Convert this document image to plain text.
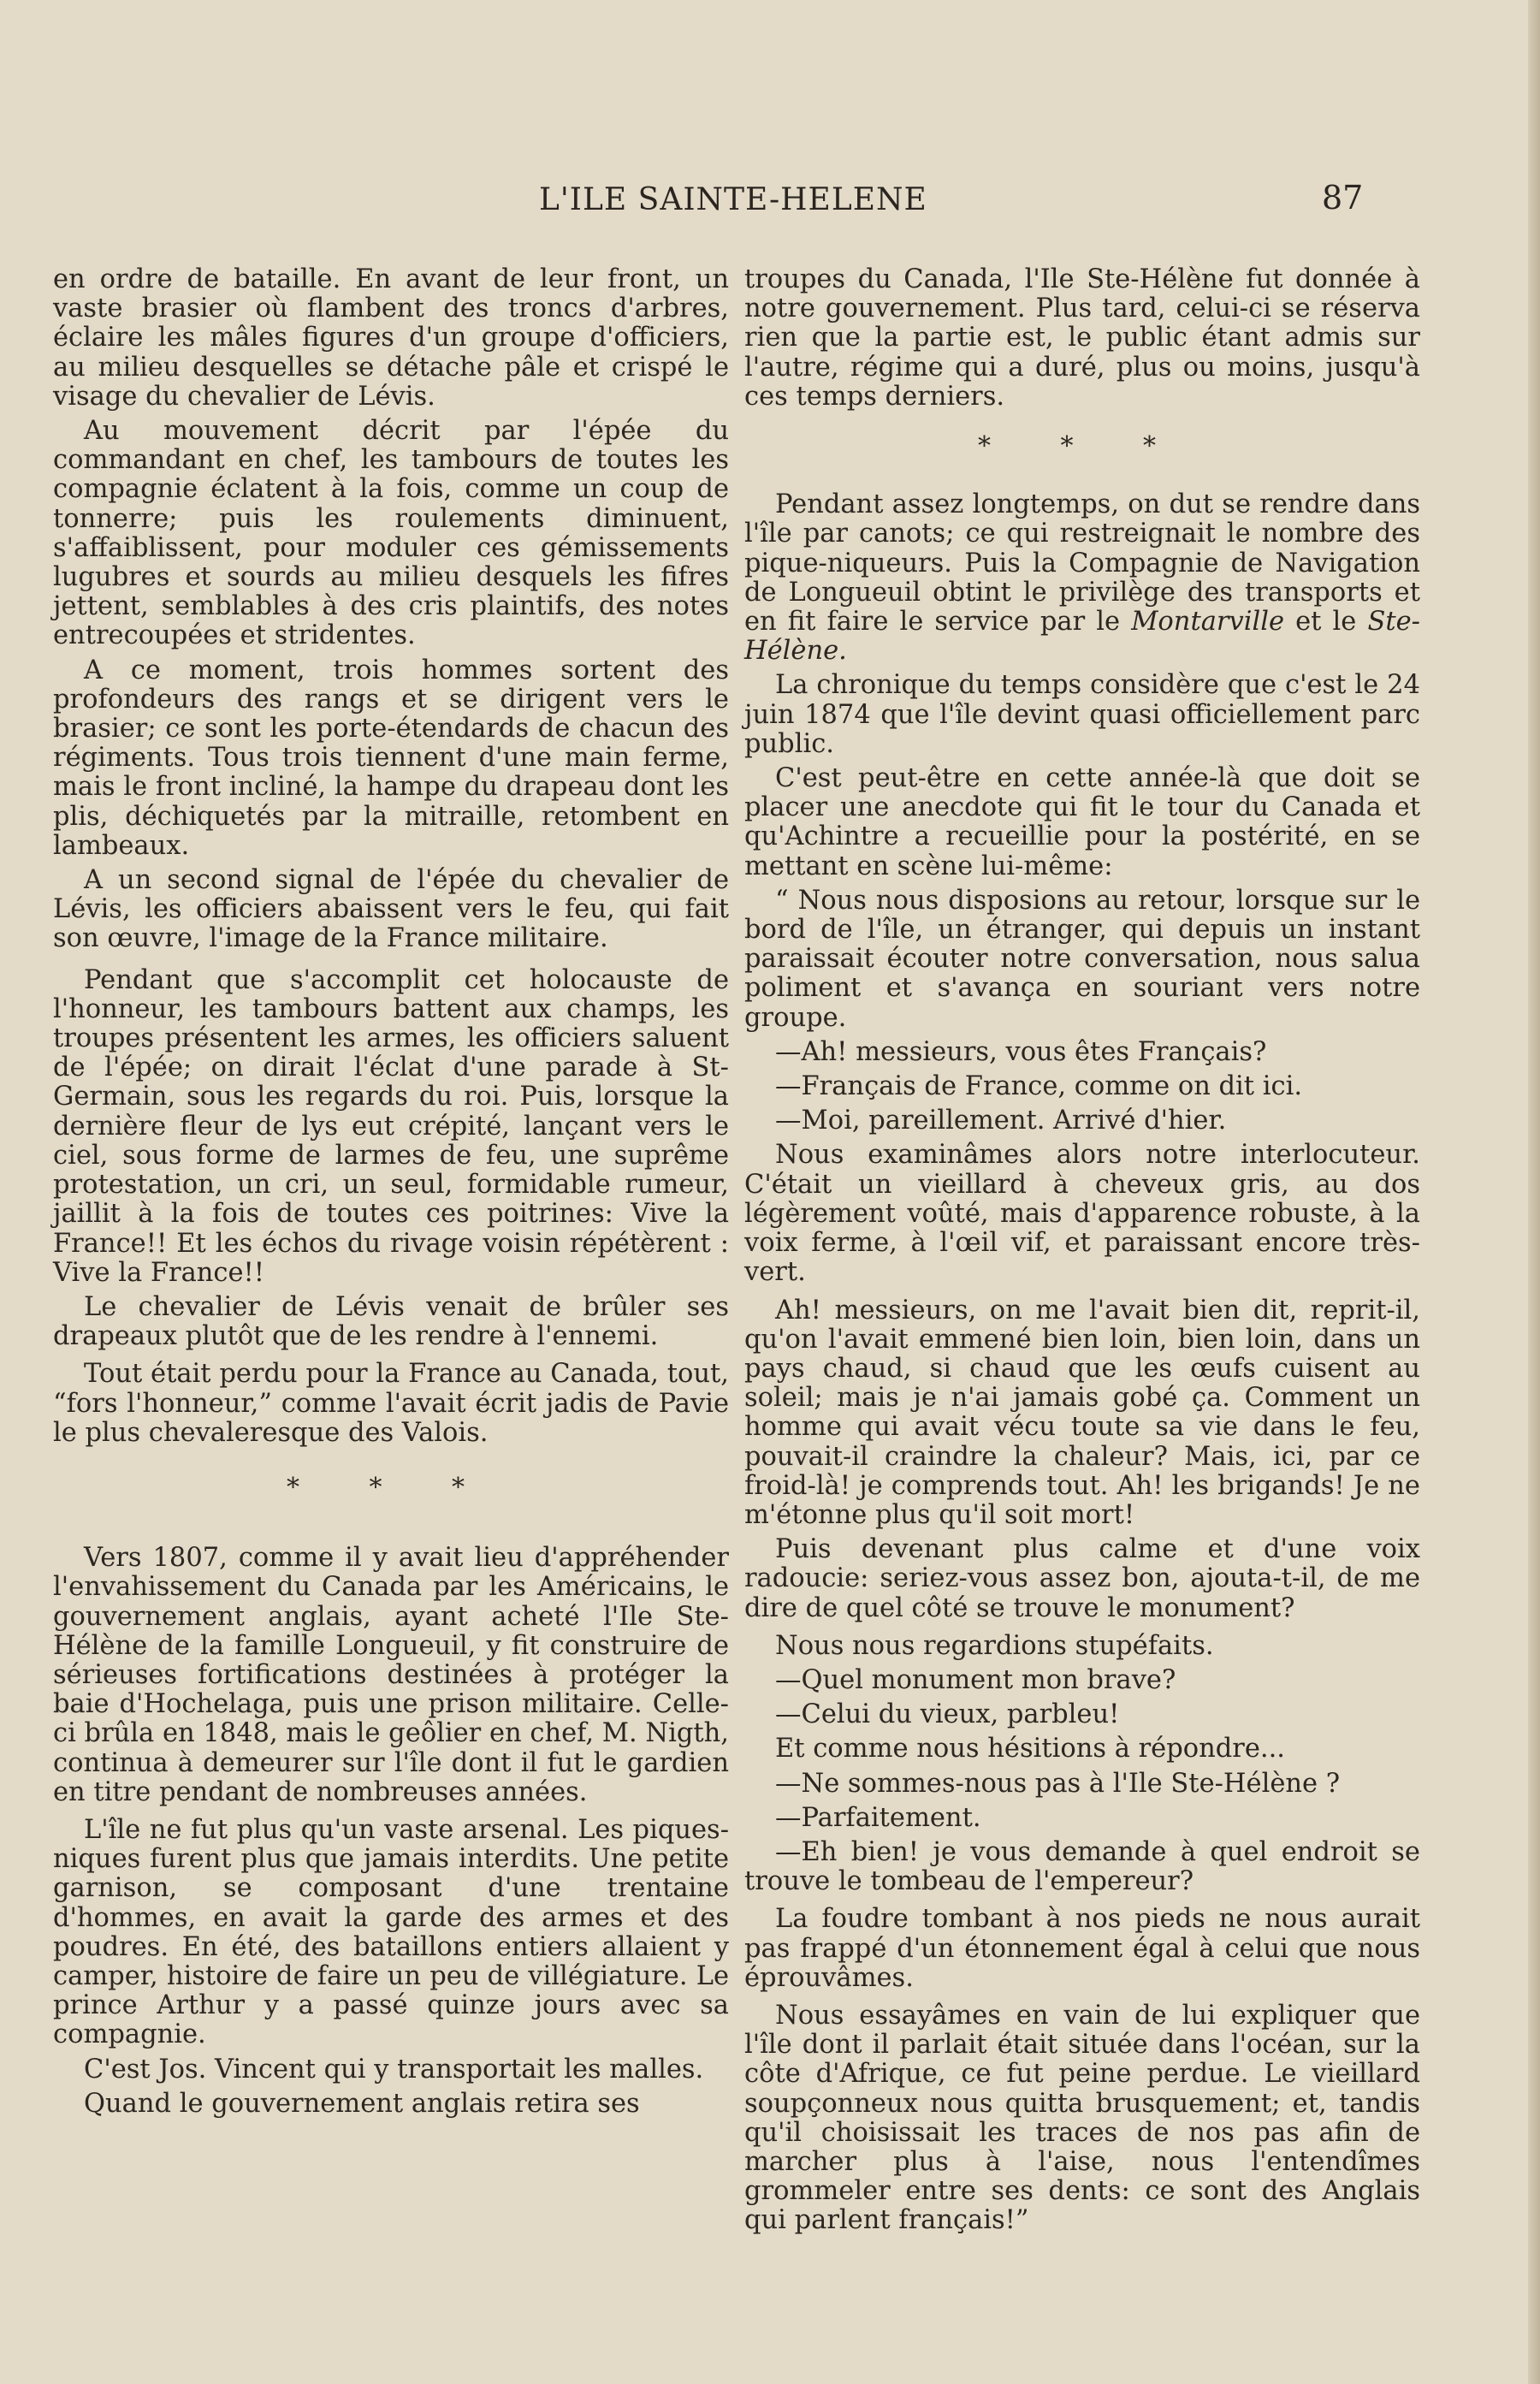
L'ILE SAINTE-HELENE	87

en ordre de bataille. En avant de leur front, un vaste brasier où flambent des troncs d'arbres, éclaire les mâles figures d'un groupe d'officiers, au milieu desquelles se détache pâle et crispé le visage du chevalier de Lévis.

Au mouvement décrit par l'épée du commandant en chef, les tambours de toutes les compagnie éclatent à la fois, comme un coup de tonnerre; puis les roulements diminuent, s'affaiblissent, pour moduler ces gémissements lugubres et sourds au milieu desquels les fifres jettent, semblables à des cris plaintifs, des notes entrecoupées et stridentes.

A ce moment, trois hommes sortent des profondeurs des rangs et se dirigent vers le brasier; ce sont les porte-étendards de chacun des régiments. Tous trois tiennent d'une main ferme, mais le front incliné, la hampe du drapeau dont les plis, déchiquetés par la mitraille, retombent en lambeaux.

A un second signal de l'épée du chevalier de Lévis, les officiers abaissent vers le feu, qui fait son œuvre, l'image de la France militaire.

Pendant que s'accomplit cet holocauste de l'honneur, les tambours battent aux champs, les troupes présentent les armes, les officiers saluent de l'épée; on dirait l'éclat d'une parade à St-Germain, sous les regards du roi. Puis, lorsque la dernière fleur de lys eut crépité, lançant vers le ciel, sous forme de larmes de feu, une suprême protestation, un cri, un seul, formidable rumeur, jaillit à la fois de toutes ces poitrines: Vive la France!! Et les échos du rivage voisin répétèrent : Vive la France!!

Le chevalier de Lévis venait de brûler ses drapeaux plutôt que de les rendre à l'ennemi.

Tout était perdu pour la France au Canada, tout, “fors l'honneur,” comme l'avait écrit jadis de Pavie le plus chevaleresque des Valois.

* * *

Vers 1807, comme il y avait lieu d'appréhender l'envahissement du Canada par les Américains, le gouvernement anglais, ayant acheté l'Ile Ste-Hélène de la famille Longueuil, y fit construire de sérieuses fortifications destinées à protéger la baie d'Hochelaga, puis une prison militaire. Celle-ci brûla en 1848, mais le geôlier en chef, M. Nigth, continua à demeurer sur l'île dont il fut le gardien en titre pendant de nombreuses années.

L'île ne fut plus qu'un vaste arsenal. Les piques-niques furent plus que jamais interdits. Une petite garnison, se composant d'une trentaine d'hommes, en avait la garde des armes et des poudres. En été, des bataillons entiers allaient y camper, histoire de faire un peu de villégiature. Le prince Arthur y a passé quinze jours avec sa compagnie.

C'est Jos. Vincent qui y transportait les malles.

Quand le gouvernement anglais retira ses

troupes du Canada, l'Ile Ste-Hélène fut donnée à notre gouvernement. Plus tard, celui-ci se réserva rien que la partie est, le public étant admis sur l'autre, régime qui a duré, plus ou moins, jusqu'à ces temps derniers.

* * *

Pendant assez longtemps, on dut se rendre dans l'île par canots; ce qui restreignait le nombre des pique-niqueurs. Puis la Compagnie de Navigation de Longueuil obtint le privilège des transports et en fit faire le service par le Montarville et le Ste-Hélène.

La chronique du temps considère que c'est le 24 juin 1874 que l'île devint quasi officiellement parc public.

C'est peut-être en cette année-là que doit se placer une anecdote qui fit le tour du Canada et qu'Achintre a recueillie pour la postérité, en se mettant en scène lui-même:

“ Nous nous disposions au retour, lorsque sur le bord de l'île, un étranger, qui depuis un instant paraissait écouter notre conversation, nous salua poliment et s'avança en souriant vers notre groupe.

—Ah! messieurs, vous êtes Français?

—Français de France, comme on dit ici.

—Moi, pareillement. Arrivé d'hier.

Nous examinâmes alors notre interlocuteur. C'était un vieillard à cheveux gris, au dos légèrement voûté, mais d'apparence robuste, à la voix ferme, à l'œil vif, et paraissant encore très-vert.

Ah! messieurs, on me l'avait bien dit, reprit-il, qu'on l'avait emmené bien loin, bien loin, dans un pays chaud, si chaud que les œufs cuisent au soleil; mais je n'ai jamais gobé ça. Comment un homme qui avait vécu toute sa vie dans le feu, pouvait-il craindre la chaleur? Mais, ici, par ce froid-là! je comprends tout. Ah! les brigands! Je ne m'étonne plus qu'il soit mort!

Puis devenant plus calme et d'une voix radoucie: seriez-vous assez bon, ajouta-t-il, de me dire de quel côté se trouve le monument?

Nous nous regardions stupéfaits.

—Quel monument mon brave?

—Celui du vieux, parbleu!

Et comme nous hésitions à répondre...

—Ne sommes-nous pas à l'Ile Ste-Hélène ?

—Parfaitement.

—Eh bien! je vous demande à quel endroit se trouve le tombeau de l'empereur?

La foudre tombant à nos pieds ne nous aurait pas frappé d'un étonnement égal à celui que nous éprouvâmes.

Nous essayâmes en vain de lui expliquer que l'île dont il parlait était située dans l'océan, sur la côte d'Afrique, ce fut peine perdue. Le vieillard soupçonneux nous quitta brusquement; et, tandis qu'il choisissait les traces de nos pas afin de marcher plus à l'aise, nous l'entendîmes grommeler entre ses dents: ce sont des Anglais qui parlent français!”
